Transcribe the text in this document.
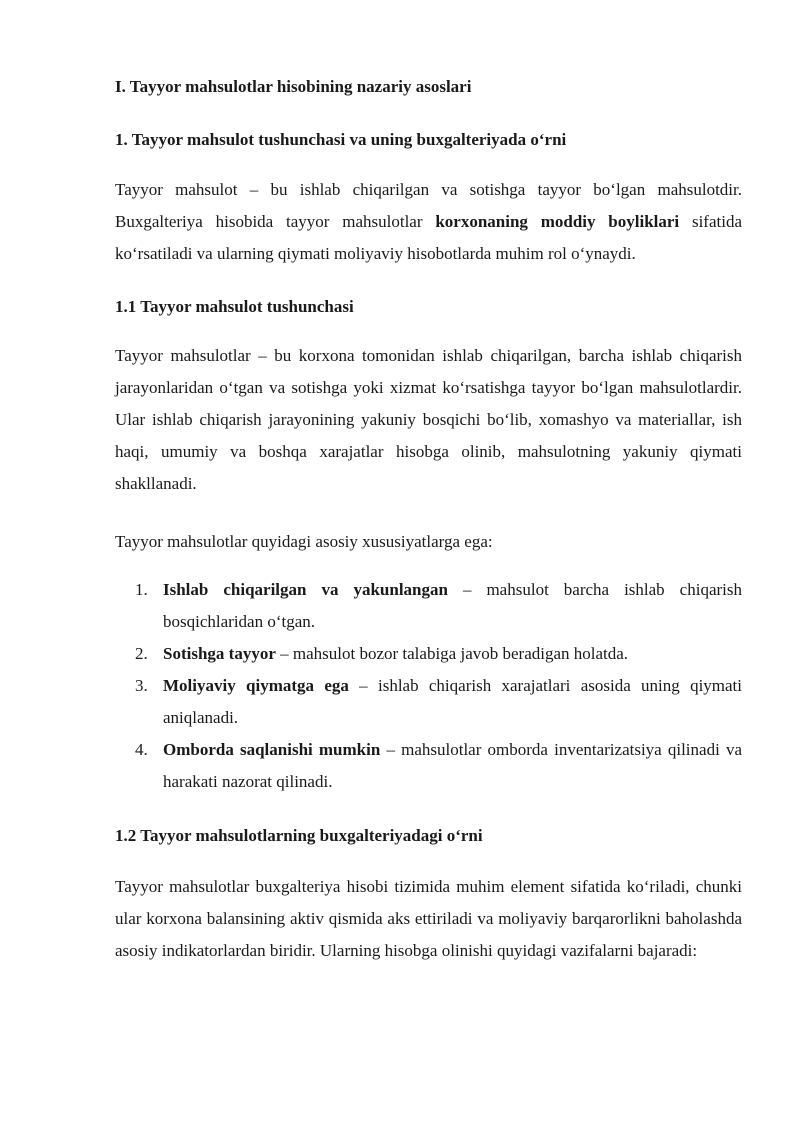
I. Tayyor mahsulotlar hisobining nazariy asoslari
1. Tayyor mahsulot tushunchasi va uning buxgalteriyada o‘rni

Tayyor mahsulot – bu ishlab chiqarilgan va sotishga tayyor bo‘lgan mahsulotdir. Buxgalteriya hisobida tayyor mahsulotlar korxonaning moddiy boyliklari sifatida ko‘rsatiladi va ularning qiymati moliyaviy hisobotlarda muhim rol o‘ynaydi.

1.1 Tayyor mahsulot tushunchasi

Tayyor mahsulotlar – bu korxona tomonidan ishlab chiqarilgan, barcha ishlab chiqarish jarayonlaridan o‘tgan va sotishga yoki xizmat ko‘rsatishga tayyor bo‘lgan mahsulotlardir. Ular ishlab chiqarish jarayonining yakuniy bosqichi bo‘lib, xomashyo va materiallar, ish haqi, umumiy va boshqa xarajatlar hisobga olinib, mahsulotning yakuniy qiymati shakllanadi.

Tayyor mahsulotlar quyidagi asosiy xususiyatlarga ega:

1. Ishlab chiqarilgan va yakunlangan – mahsulot barcha ishlab chiqarish bosqichlaridan o‘tgan.
2. Sotishga tayyor – mahsulot bozor talabiga javob beradigan holatda.
3. Moliyaviy qiymatga ega – ishlab chiqarish xarajatlari asosida uning qiymati aniqlanadi.
4. Omborda saqlanishi mumkin – mahsulotlar omborda inventarizatsiya qilinadi va harakati nazorat qilinadi.
1.2 Tayyor mahsulotlarning buxgalteriyadagi o‘rni

Tayyor mahsulotlar buxgalteriya hisobi tizimida muhim element sifatida ko‘riladi, chunki ular korxona balansining aktiv qismida aks ettiriladi va moliyaviy barqarorlikni baholashda asosiy indikatorlardan biridir. Ularning hisobga olinishi quyidagi vazifalarni bajaradi:
